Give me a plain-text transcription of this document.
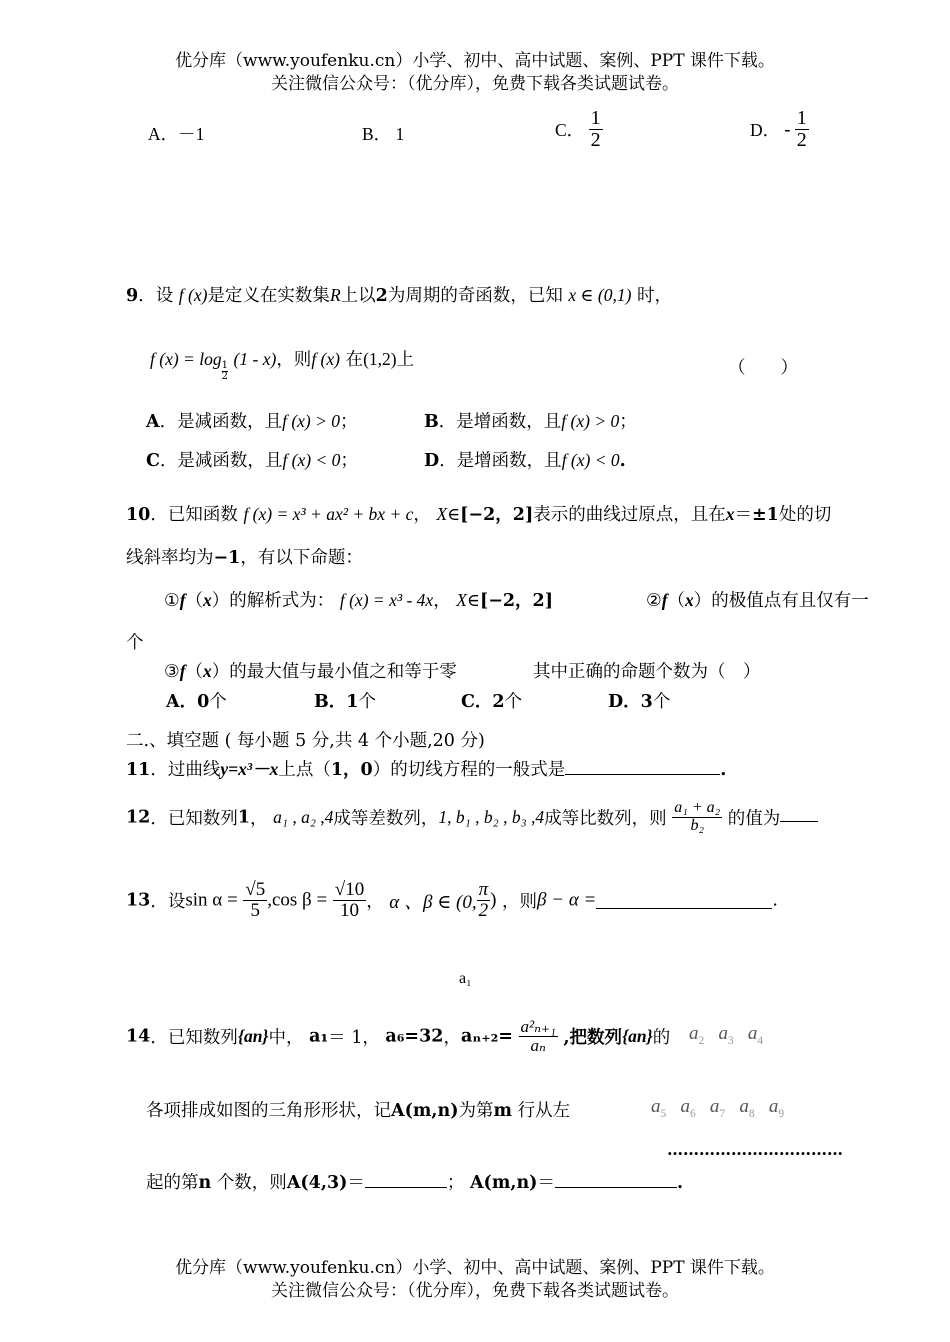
优分库（www.youfenku.cn）小学、初中、高中试题、案例、PPT 课件下载。
关注微信公众号：（优分库），免费下载各类试题试卷。
A．－1	B． 1	C． $\frac{1}{2}$	D． - $\frac{1}{2}$
9．设 f (x)是定义在实数集R上以2为周期的奇函数，已知 x ∈ (0,1) 时，
f (x) = log
$\frac{1}{2}$
(1 - x)，则f (x) 在(1,2)上	（　　）
A．是减函数，且f (x) > 0；	B．是增函数，且f (x) > 0；
C．是减函数，且f (x) < 0；	D．是增函数，且f (x) < 0.
10．已知函数 f (x) = x³ + ax² + bx + c， X∈[−2，2]表示的曲线过原点，且在x＝±1处的切
线斜率均为−1，有以下命题：
①f（x）的解析式为： f (x) = x³ - 4x， X∈[−2，2]	②f（x）的极值点有且仅有一
个
③f（x）的最大值与最小值之和等于零	其中正确的命题个数为（　）
A．0个	B．1个	C．2个	D．3个
二.、填空题 ( 每小题 5 分,共 4 个小题,20 分)
11．过曲线y=x³－x上点（1，0）的切线方程的一般式是	.
12．已知数列1， a₁ , a₂ ,4成等差数列，1, b₁ , b₂ , b₃ ,4成等比数列，则 $\frac{\text{a₁ + a₂}}{\text{b₂}}$ 的值为
13．设$\sin \alpha = \frac{√5}{5} ,\cos$ $\beta = \frac{√10}{10}$ ， α 、β ∈ (0, $\frac{\pi}{2}$ ) ，则β − α =	.
a₁
$a_2$ $a_3$ $a_4$
$a_5$ $a_6$ $a_7$ $a_8$ $a_9$
……………………………
14．已知数列{an}中， a₁＝ 1， a₆=32，$a_{n+2}= \frac{\text{a²ₙ₊₁}}{\text{aₙ}}$ ,把数列{an}的
各项排成如图的三角形形状，记A(m,n)为第m 行从左
起的第n 个数，则A(4,3)＝	； A(m,n)＝	.
优分库（www.youfenku.cn）小学、初中、高中试题、案例、PPT 课件下载。
关注微信公众号：（优分库），免费下载各类试题试卷。
